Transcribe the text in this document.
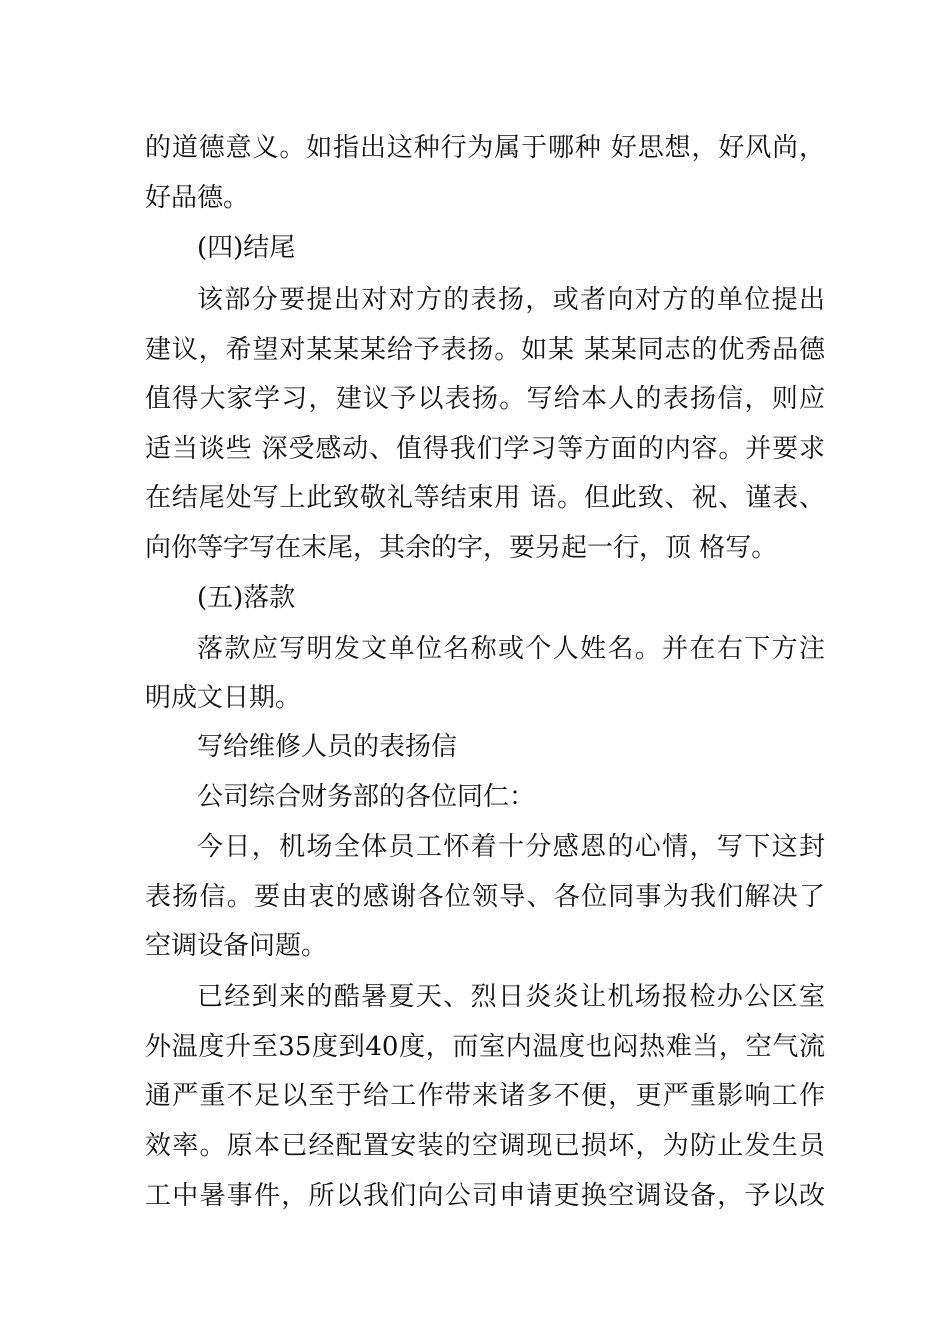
的道德意义。如指出这种行为属于哪种 好思想，好风尚，
好品德。
(四)结尾
该部分要提出对对方的表扬，或者向对方的单位提出
建议，希望对某某某给予表扬。如某 某某同志的优秀品德
值得大家学习，建议予以表扬。写给本人的表扬信，则应
适当谈些 深受感动、值得我们学习等方面的内容。并要求
在结尾处写上此致敬礼等结束用 语。但此致、祝、谨表、
向你等字写在末尾，其余的字，要另起一行，顶 格写。
(五)落款
落款应写明发文单位名称或个人姓名。并在右下方注
明成文日期。
写给维修人员的表扬信
公司综合财务部的各位同仁：
今日，机场全体员工怀着十分感恩的心情，写下这封
表扬信。要由衷的感谢各位领导、各位同事为我们解决了
空调设备问题。
已经到来的酷暑夏天、烈日炎炎让机场报检办公区室
外温度升至35度到40度，而室内温度也闷热难当，空气流
通严重不足以至于给工作带来诸多不便，更严重影响工作
效率。原本已经配置安装的空调现已损坏，为防止发生员
工中暑事件，所以我们向公司申请更换空调设备，予以改
